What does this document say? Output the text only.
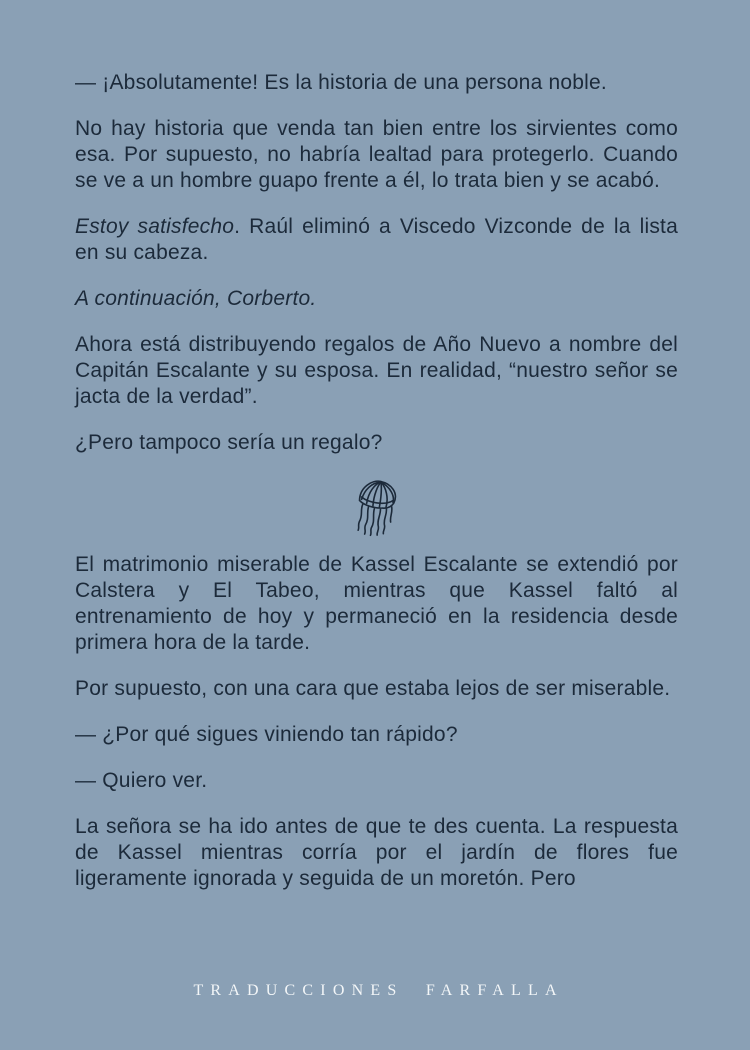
— ¡Absolutamente! Es la historia de una persona noble.

No hay historia que venda tan bien entre los sirvientes como esa. Por supuesto, no habría lealtad para protegerlo. Cuando se ve a un hombre guapo frente a él, lo trata bien y se acabó.

Estoy satisfecho. Raúl eliminó a Viscedo Vizconde de la lista en su cabeza.

A continuación, Corberto.

Ahora está distribuyendo regalos de Año Nuevo a nombre del Capitán Escalante y su esposa. En realidad, “nuestro señor se jacta de la verdad”.

¿Pero tampoco sería un regalo?

El matrimonio miserable de Kassel Escalante se extendió por Calstera y El Tabeo, mientras que Kassel faltó al entrenamiento de hoy y permaneció en la residencia desde primera hora de la tarde.

Por supuesto, con una cara que estaba lejos de ser miserable.

— ¿Por qué sigues viniendo tan rápido?

— Quiero ver.

La señora se ha ido antes de que te des cuenta. La respuesta de Kassel mientras corría por el jardín de flores fue ligeramente ignorada y seguida de un moretón. Pero

TRADUCCIONES FARFALLA
